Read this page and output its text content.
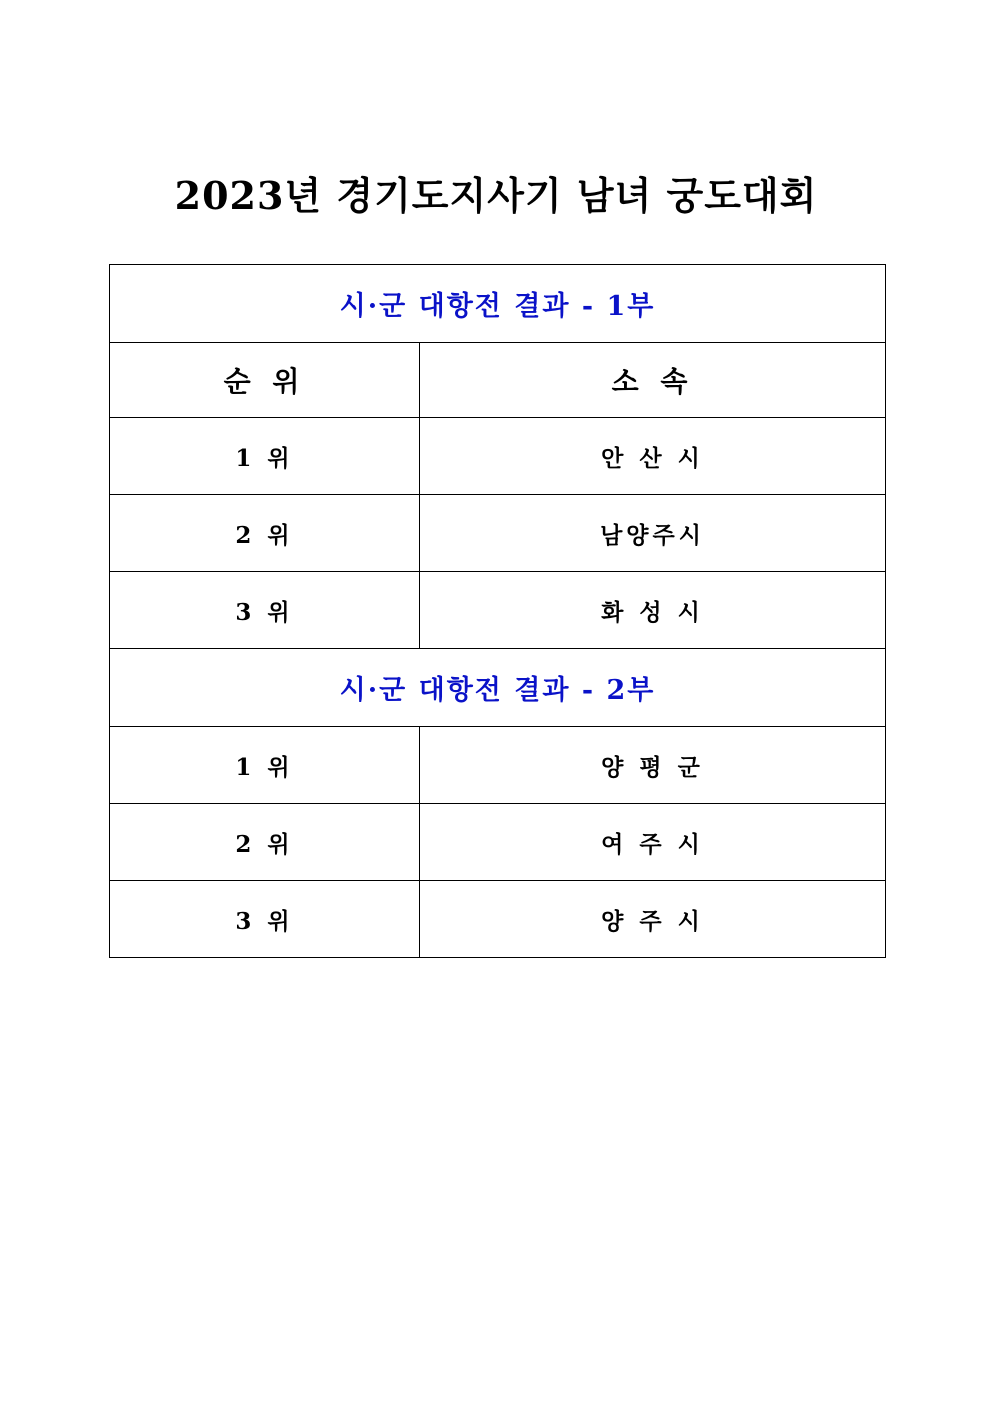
2023년 경기도지사기 남녀 궁도대회
시·군 대항전 결과 - 1부	
순 위	소 속
1 위	안 산 시
2 위	남양주시
3 위	화 성 시
시·군 대항전 결과 - 2부	
1 위	양 평 군
2 위	여 주 시
3 위	양 주 시
